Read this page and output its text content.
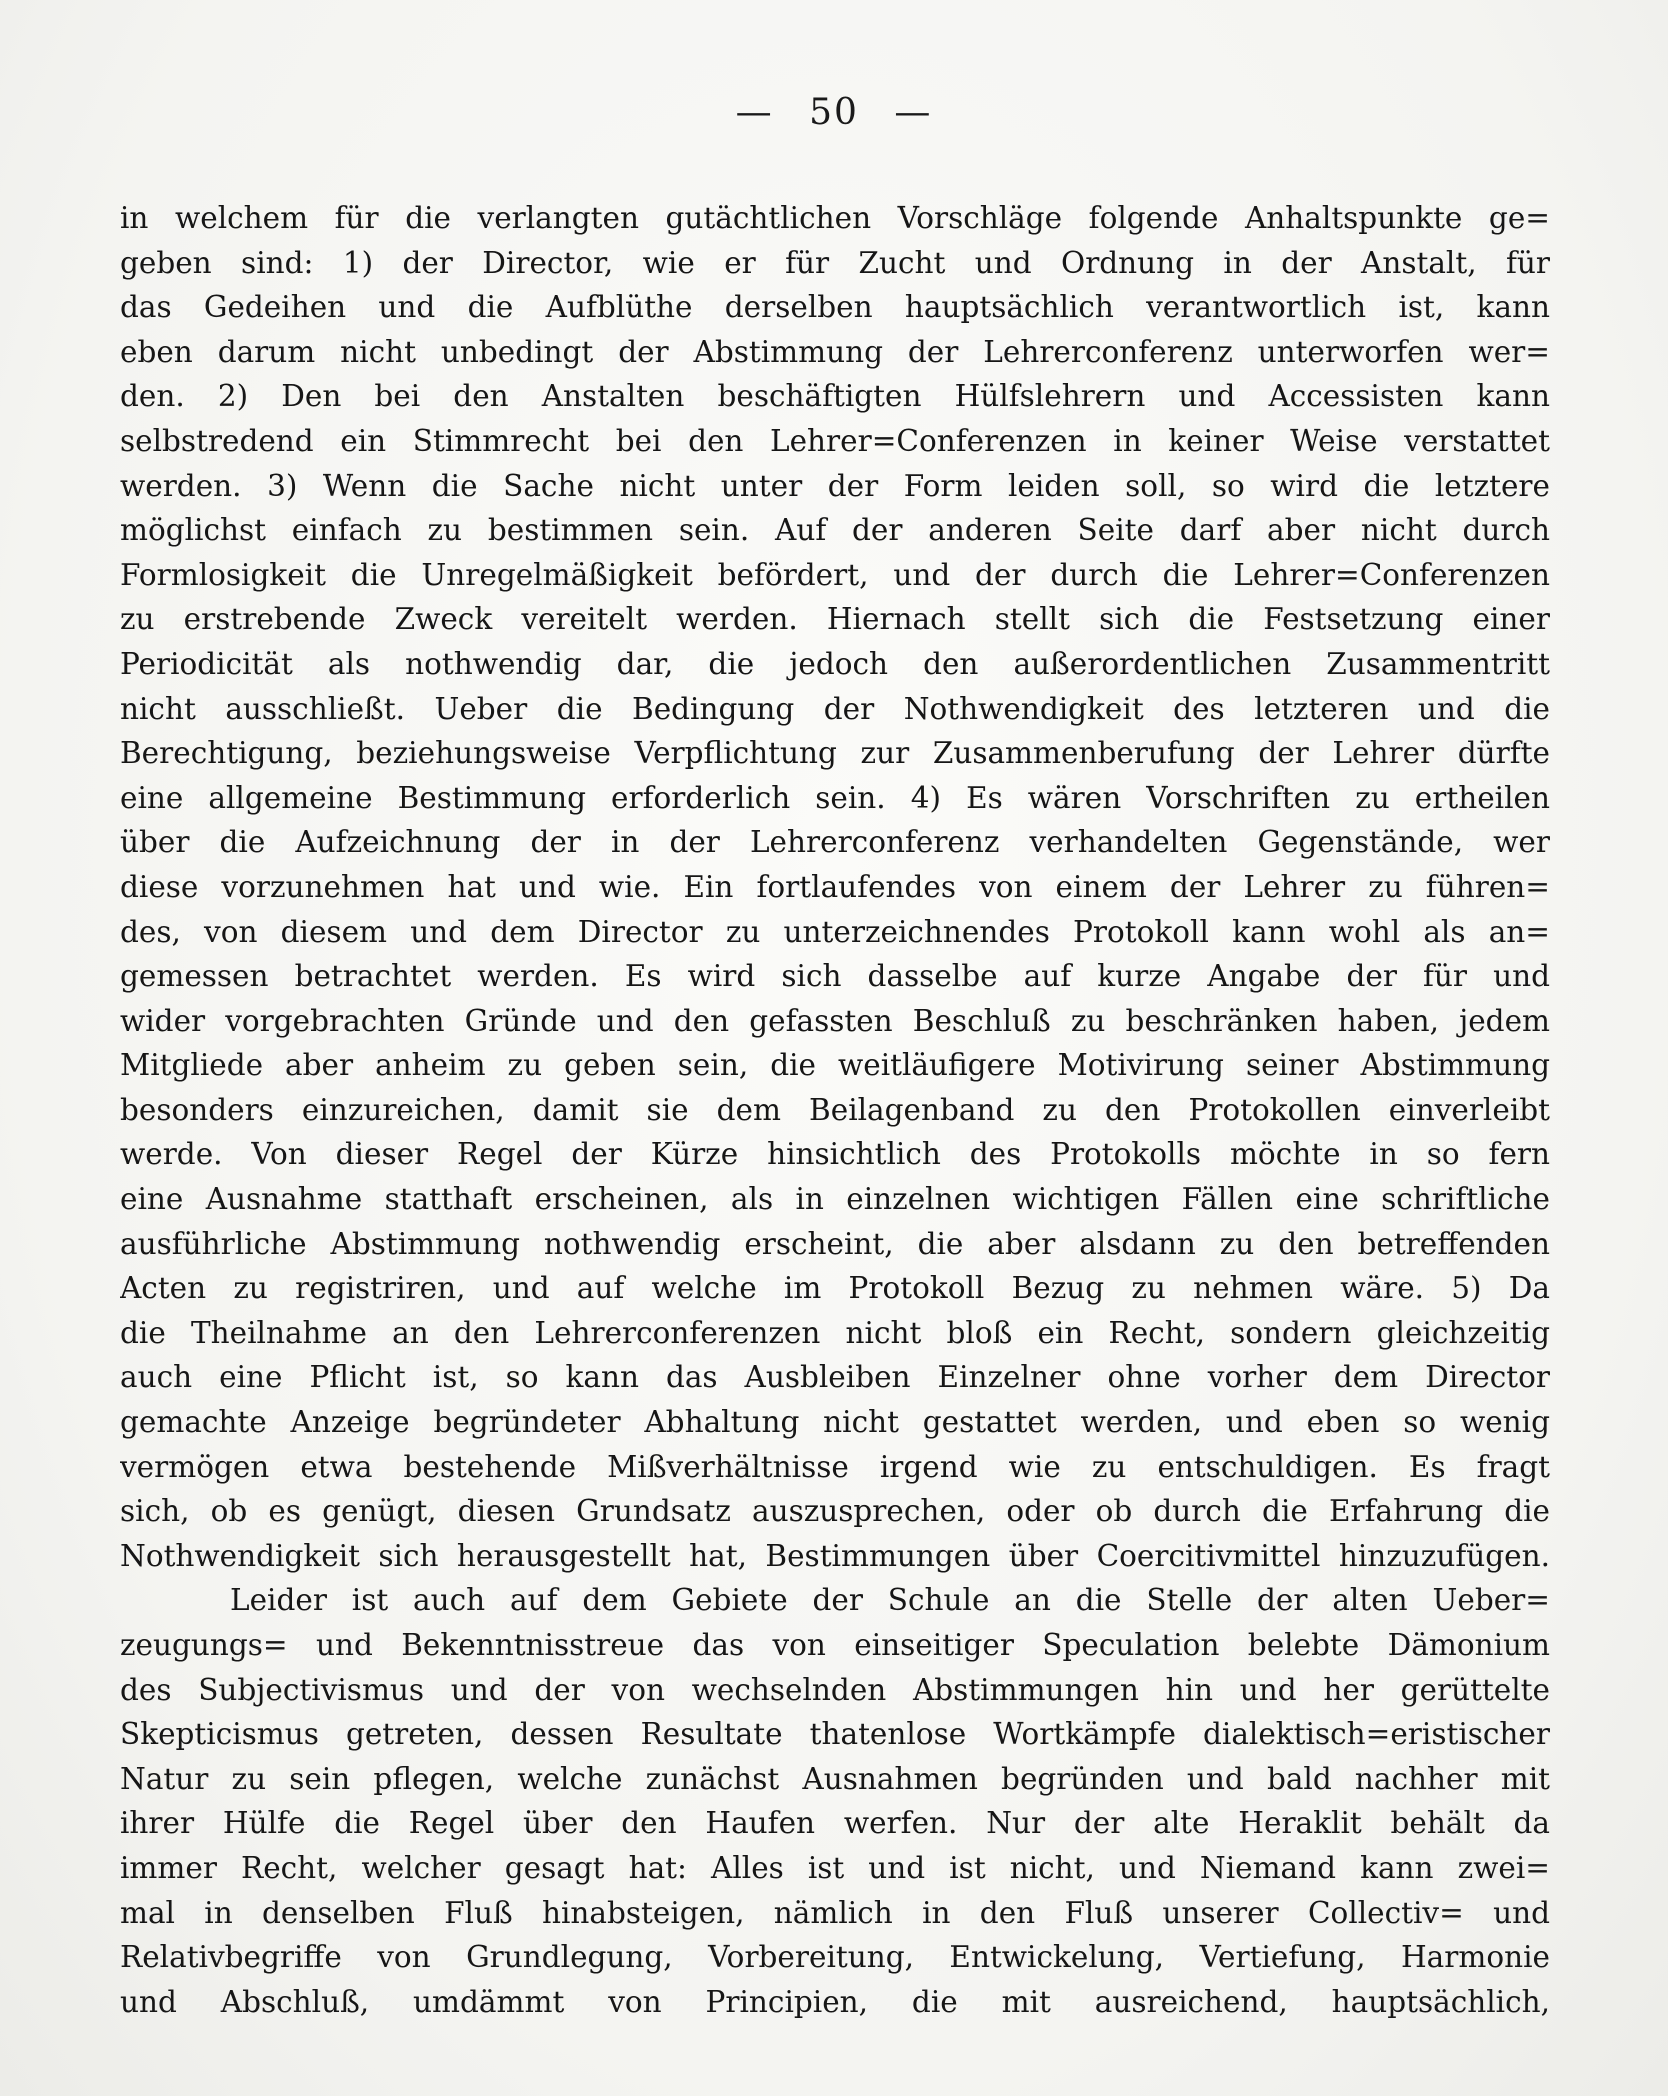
— 50 —
in welchem für die verlangten gutächtlichen Vorschläge folgende Anhaltspunkte ge=
geben sind: 1) der Director, wie er für Zucht und Ordnung in der Anstalt, für
das Gedeihen und die Aufblüthe derselben hauptsächlich verantwortlich ist, kann
eben darum nicht unbedingt der Abstimmung der Lehrerconferenz unterworfen wer=
den. 2) Den bei den Anstalten beschäftigten Hülfslehrern und Accessisten kann
selbstredend ein Stimmrecht bei den Lehrer=Conferenzen in keiner Weise verstattet
werden. 3) Wenn die Sache nicht unter der Form leiden soll, so wird die letztere
möglichst einfach zu bestimmen sein. Auf der anderen Seite darf aber nicht durch
Formlosigkeit die Unregelmäßigkeit befördert, und der durch die Lehrer=Conferenzen
zu erstrebende Zweck vereitelt werden. Hiernach stellt sich die Festsetzung einer
Periodicität als nothwendig dar, die jedoch den außerordentlichen Zusammentritt
nicht ausschließt. Ueber die Bedingung der Nothwendigkeit des letzteren und die
Berechtigung, beziehungsweise Verpflichtung zur Zusammenberufung der Lehrer dürfte
eine allgemeine Bestimmung erforderlich sein. 4) Es wären Vorschriften zu ertheilen
über die Aufzeichnung der in der Lehrerconferenz verhandelten Gegenstände, wer
diese vorzunehmen hat und wie. Ein fortlaufendes von einem der Lehrer zu führen=
des, von diesem und dem Director zu unterzeichnendes Protokoll kann wohl als an=
gemessen betrachtet werden. Es wird sich dasselbe auf kurze Angabe der für und
wider vorgebrachten Gründe und den gefassten Beschluß zu beschränken haben, jedem
Mitgliede aber anheim zu geben sein, die weitläufigere Motivirung seiner Abstimmung
besonders einzureichen, damit sie dem Beilagenband zu den Protokollen einverleibt
werde. Von dieser Regel der Kürze hinsichtlich des Protokolls möchte in so fern
eine Ausnahme statthaft erscheinen, als in einzelnen wichtigen Fällen eine schriftliche
ausführliche Abstimmung nothwendig erscheint, die aber alsdann zu den betreffenden
Acten zu registriren, und auf welche im Protokoll Bezug zu nehmen wäre. 5) Da
die Theilnahme an den Lehrerconferenzen nicht bloß ein Recht, sondern gleichzeitig
auch eine Pflicht ist, so kann das Ausbleiben Einzelner ohne vorher dem Director
gemachte Anzeige begründeter Abhaltung nicht gestattet werden, und eben so wenig
vermögen etwa bestehende Mißverhältnisse irgend wie zu entschuldigen. Es fragt
sich, ob es genügt, diesen Grundsatz auszusprechen, oder ob durch die Erfahrung die
Nothwendigkeit sich herausgestellt hat, Bestimmungen über Coercitivmittel hinzuzufügen.
Leider ist auch auf dem Gebiete der Schule an die Stelle der alten Ueber=
zeugungs= und Bekenntnisstreue das von einseitiger Speculation belebte Dämonium
des Subjectivismus und der von wechselnden Abstimmungen hin und her gerüttelte
Skepticismus getreten, dessen Resultate thatenlose Wortkämpfe dialektisch=eristischer
Natur zu sein pflegen, welche zunächst Ausnahmen begründen und bald nachher mit
ihrer Hülfe die Regel über den Haufen werfen. Nur der alte Heraklit behält da
immer Recht, welcher gesagt hat: Alles ist und ist nicht, und Niemand kann zwei=
mal in denselben Fluß hinabsteigen, nämlich in den Fluß unserer Collectiv= und
Relativbegriffe von Grundlegung, Vorbereitung, Entwickelung, Vertiefung, Harmonie
und Abschluß, umdämmt von Principien, die mit ausreichend, hauptsächlich,
